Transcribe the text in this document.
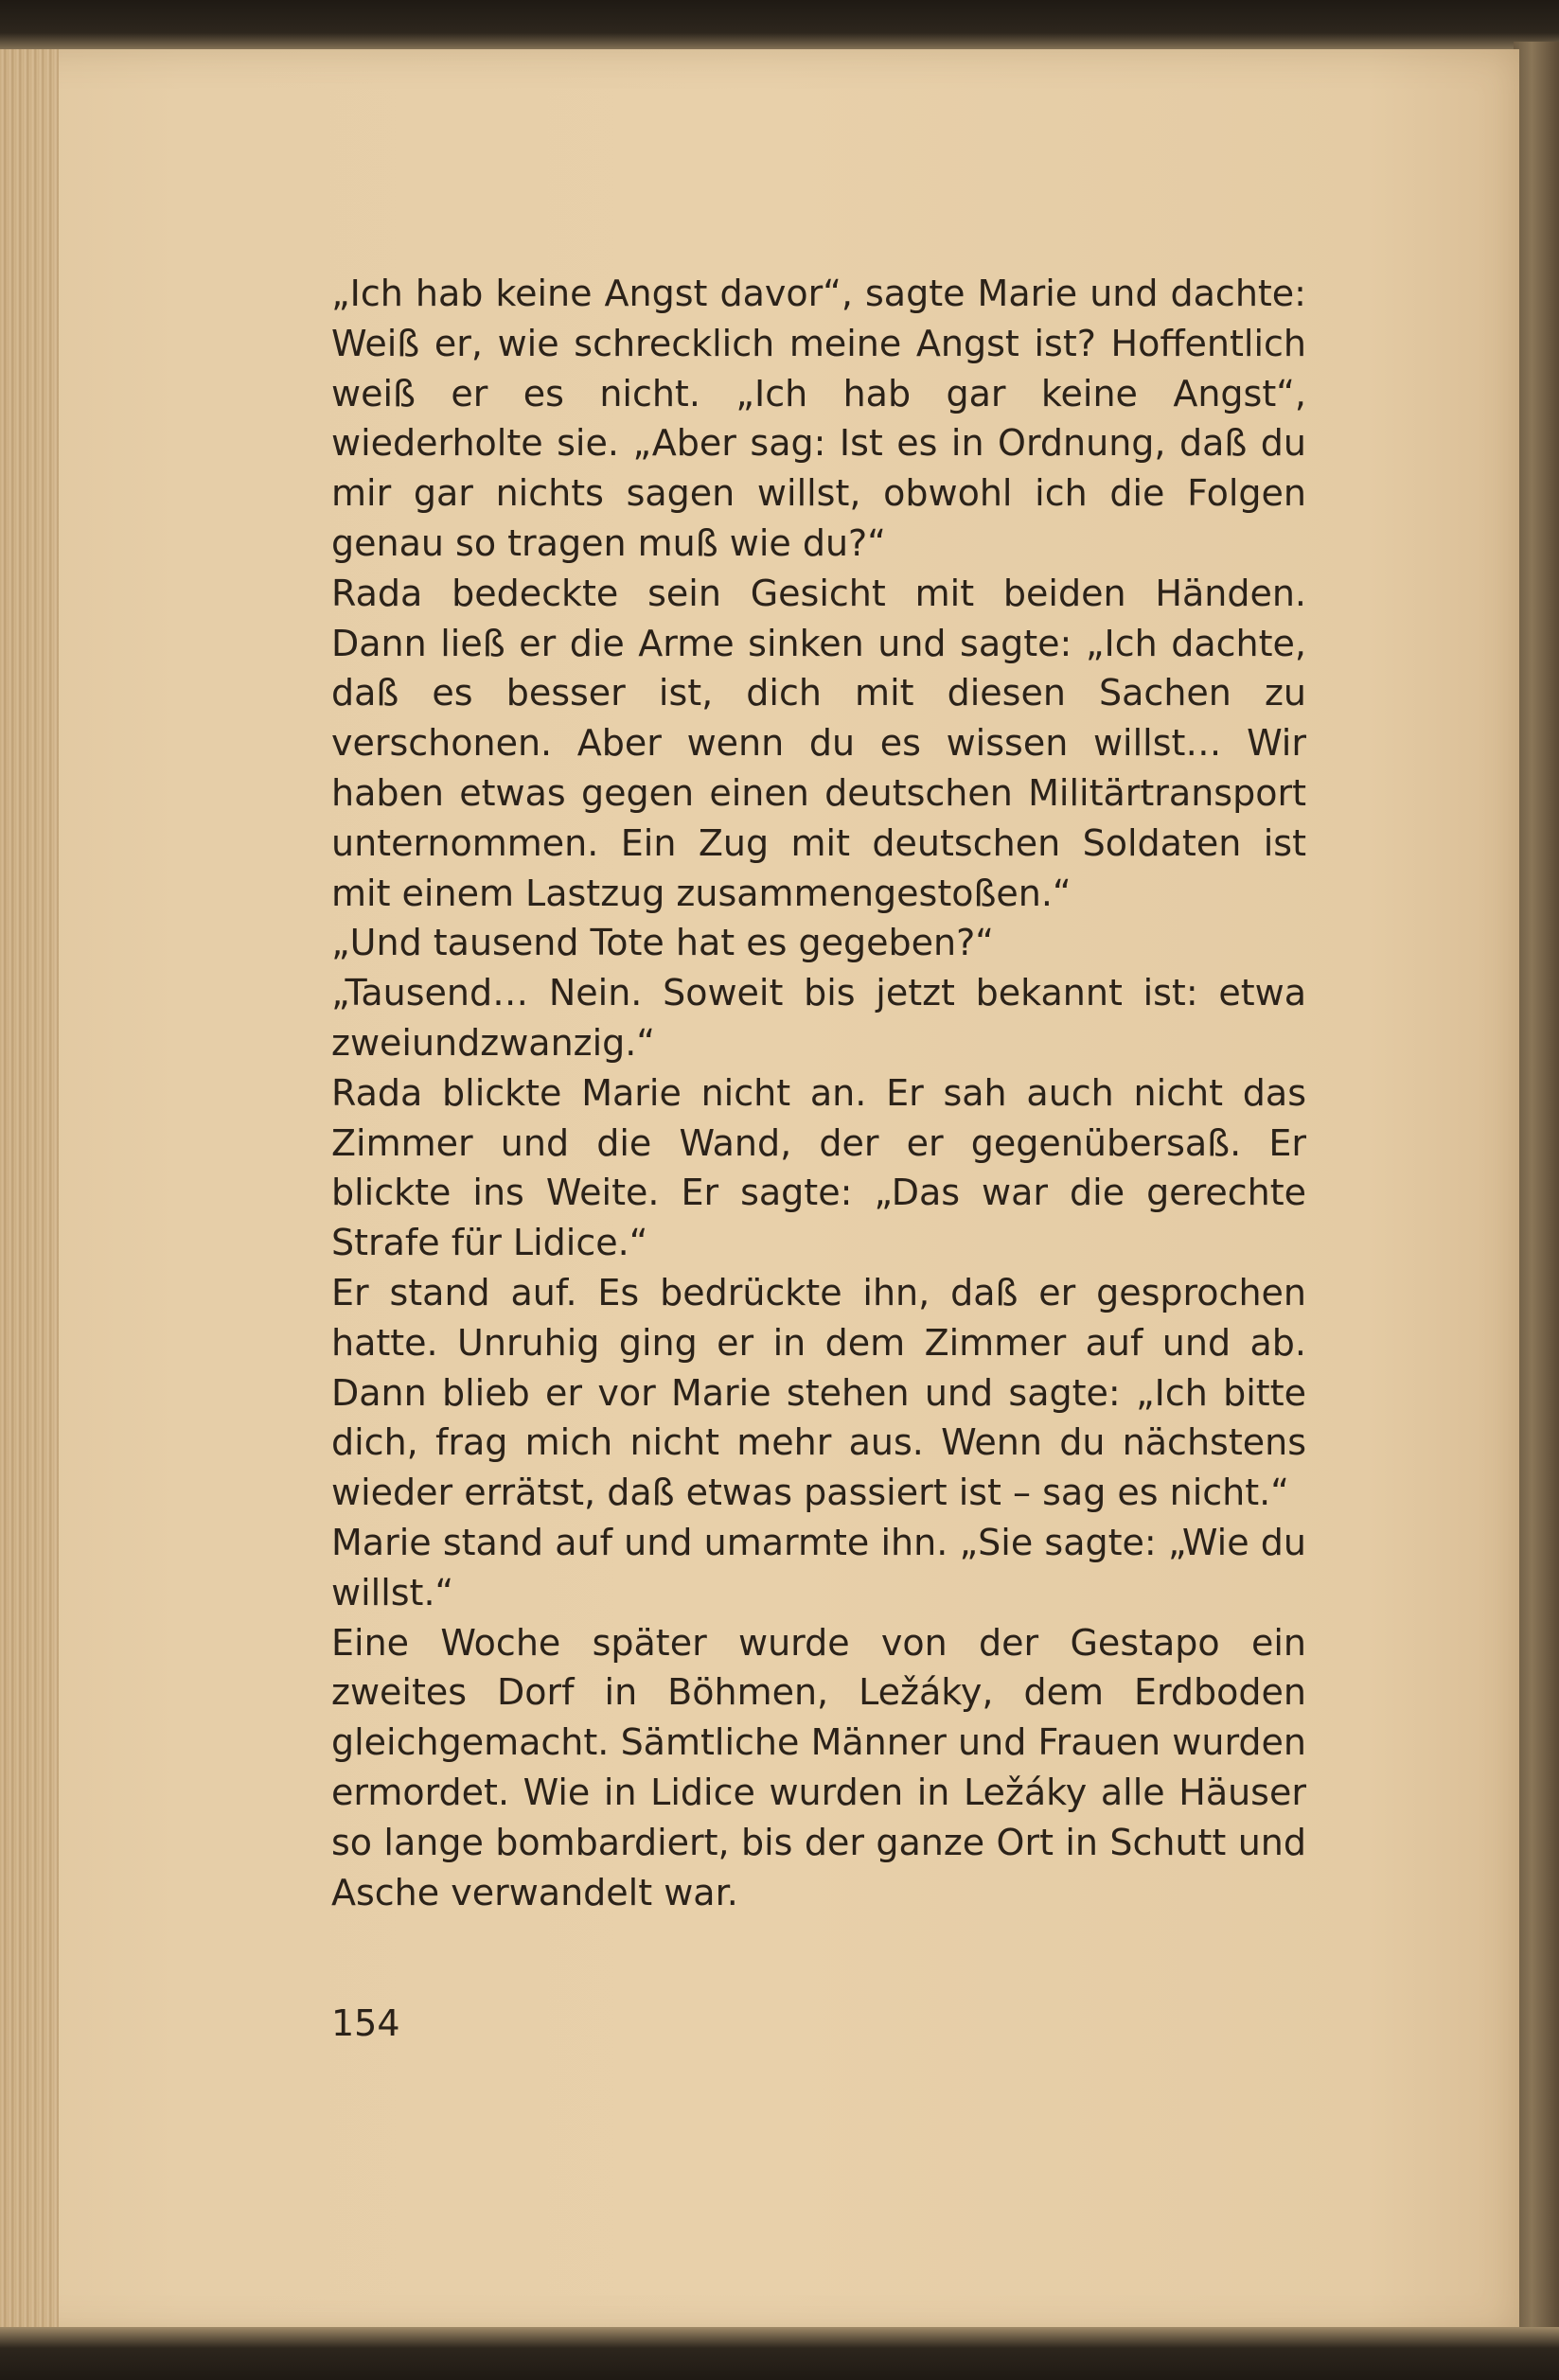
„Ich hab keine Angst davor“, sagte Marie und dachte: Weiß er, wie schrecklich meine Angst ist? Hoffentlich weiß er es nicht. „Ich hab gar keine Angst“, wiederholte sie. „Aber sag: Ist es in Ordnung, daß du mir gar nichts sagen willst, obwohl ich die Folgen genau so tragen muß wie du?“

Rada bedeckte sein Gesicht mit beiden Händen. Dann ließ er die Arme sinken und sagte: „Ich dachte, daß es besser ist, dich mit diesen Sachen zu verschonen. Aber wenn du es wissen willst… Wir haben etwas gegen einen deutschen Militärtransport unternommen. Ein Zug mit deutschen Soldaten ist mit einem Lastzug zusammengestoßen.“

„Und tausend Tote hat es gegeben?“

„Tausend… Nein. Soweit bis jetzt bekannt ist: etwa zweiundzwanzig.“

Rada blickte Marie nicht an. Er sah auch nicht das Zimmer und die Wand, der er gegenübersaß. Er blickte ins Weite. Er sagte: „Das war die gerechte Strafe für Lidice.“

Er stand auf. Es bedrückte ihn, daß er gesprochen hatte. Unruhig ging er in dem Zimmer auf und ab. Dann blieb er vor Marie stehen und sagte: „Ich bitte dich, frag mich nicht mehr aus. Wenn du nächstens wieder errätst, daß etwas passiert ist – sag es nicht.“

Marie stand auf und umarmte ihn. „Sie sagte: „Wie du willst.“

Eine Woche später wurde von der Gestapo ein zweites Dorf in Böhmen, Ležáky, dem Erdboden gleichgemacht. Sämtliche Männer und Frauen wurden ermordet. Wie in Lidice wurden in Ležáky alle Häuser so lange bombardiert, bis der ganze Ort in Schutt und Asche verwandelt war.

154
